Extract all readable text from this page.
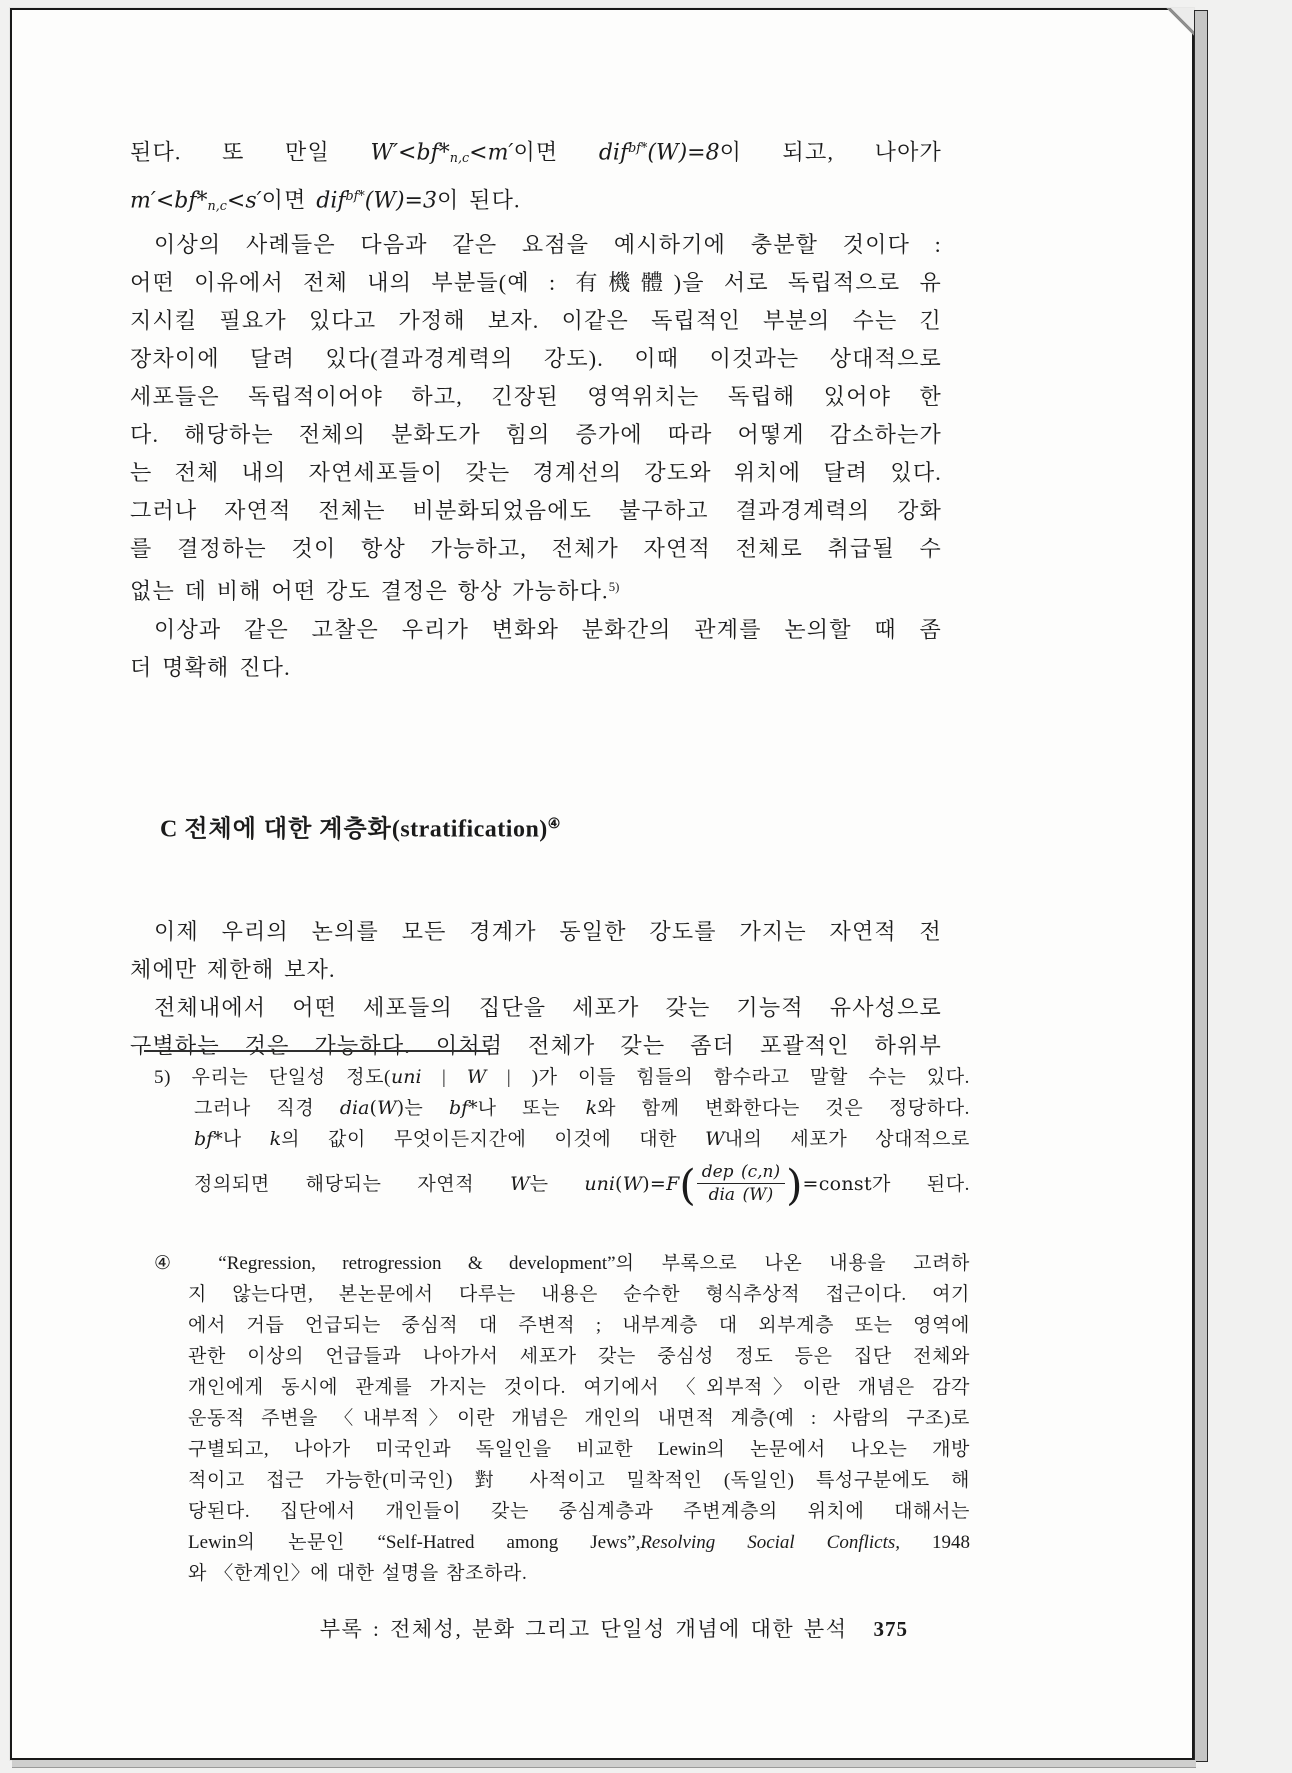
된다. 또 만일 W′<bf*n,c<m′이면 dif$^{bf*}$(W)=8이 되고, 나아가
m′<bf*n,c<s′이면 dif$^{bf*}$(W)=3이 된다.
이상의 사례들은 다음과 같은 요점을 예시하기에 충분할 것이다 :
어떤 이유에서 전체 내의 부분들(예 : 有機體)을 서로 독립적으로 유
지시킬 필요가 있다고 가정해 보자. 이같은 독립적인 부분의 수는 긴
장차이에 달려 있다(결과경계력의 강도). 이때 이것과는 상대적으로
세포들은 독립적이어야 하고, 긴장된 영역위치는 독립해 있어야 한
다. 해당하는 전체의 분화도가 힘의 증가에 따라 어떻게 감소하는가
는 전체 내의 자연세포들이 갖는 경계선의 강도와 위치에 달려 있다.
그러나 자연적 전체는 비분화되었음에도 불구하고 결과경계력의 강화
를 결정하는 것이 항상 가능하고, 전체가 자연적 전체로 취급될 수
없는 데 비해 어떤 강도 결정은 항상 가능하다.$^{5)}$
이상과 같은 고찰은 우리가 변화와 분화간의 관계를 논의할 때 좀
더 명확해 진다.
C 전체에 대한 계층화(stratification)④
이제 우리의 논의를 모든 경계가 동일한 강도를 가지는 자연적 전
체에만 제한해 보자.
전체내에서 어떤 세포들의 집단을 세포가 갖는 기능적 유사성으로
구별하는 것은 가능하다. 이처럼 전체가 갖는 좀더 포괄적인 하위부
5) 우리는 단일성 정도(uni | W | )가 이들 힘들의 함수라고 말할 수는 있다.
그러나 직경 dia(W)는 bf*나 또는 k와 함께 변화한다는 것은 정당하다.
bf*나 k의 값이 무엇이든지간에 이것에 대한 W내의 세포가 상대적으로
정의되면 해당되는 자연적 W는 $uni(W)=F( \frac{\text{dep (c,n)}}{\text{dia (W)}}$ )=const가 된다.
④ “Regression, retrogression & development”의 부록으로 나온 내용을 고려하
지 않는다면, 본논문에서 다루는 내용은 순수한 형식추상적 접근이다. 여기
에서 거듭 언급되는 중심적 대 주변적 ; 내부계층 대 외부계층 또는 영역에
관한 이상의 언급들과 나아가서 세포가 갖는 중심성 정도 등은 집단 전체와
개인에게 동시에 관계를 가지는 것이다. 여기에서 〈외부적〉이란 개념은 감각
운동적 주변을 〈내부적〉이란 개념은 개인의 내면적 계층(예 : 사람의 구조)로
구별되고, 나아가 미국인과 독일인을 비교한 Lewin의 논문에서 나오는 개방
적이고 접근 가능한(미국인) 對 사적이고 밀착적인 (독일인) 특성구분에도 해
당된다. 집단에서 개인들이 갖는 중심계층과 주변계층의 위치에 대해서는
Lewin의 논문인 “Self-Hatred among Jews”,Resolving Social Conflicts, 1948
와 〈한계인〉에 대한 설명을 참조하라.
부록 : 전체성, 분화 그리고 단일성 개념에 대한 분석 375
